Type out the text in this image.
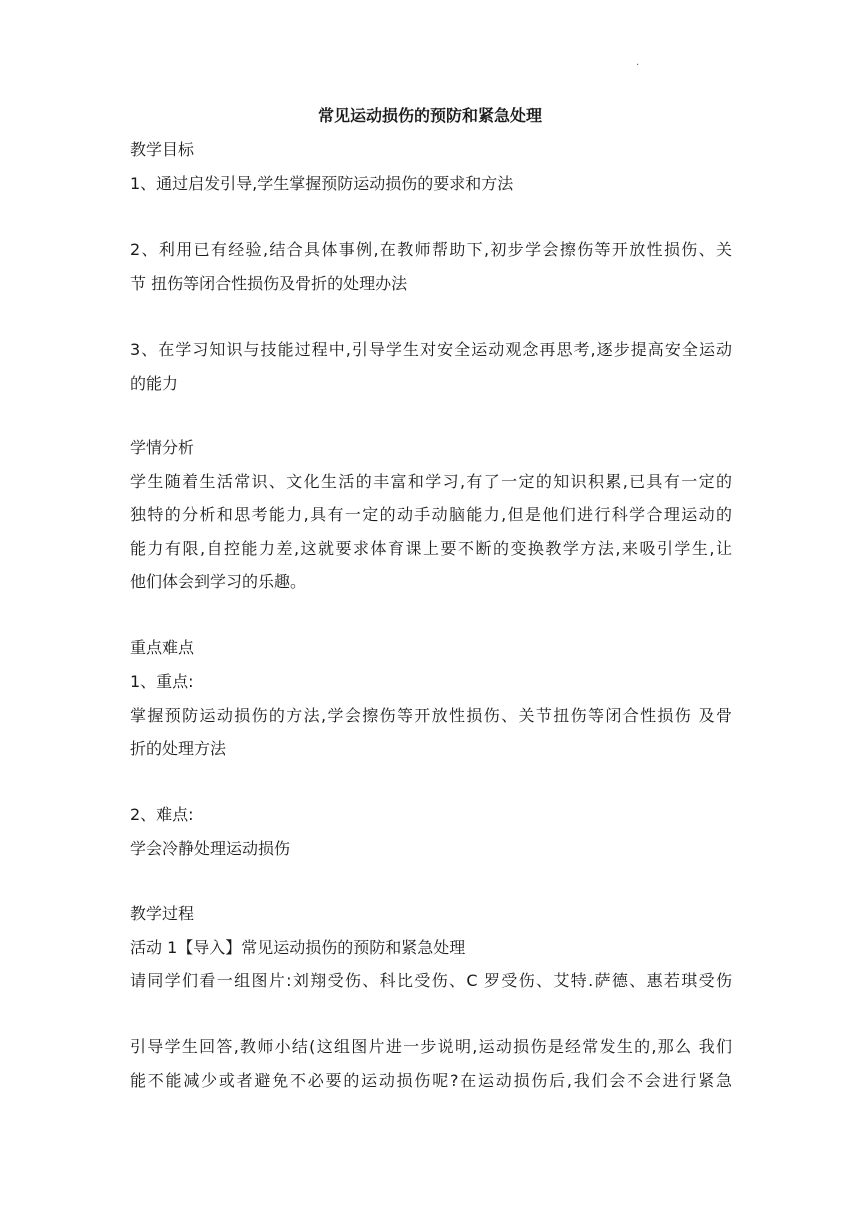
.
常见运动损伤的预防和紧急处理

教学目标

1、通过启发引导,学生掌握预防运动损伤的要求和方法

2、利用已有经验,结合具体事例,在教师帮助下,初步学会擦伤等开放性损伤、关

节 扭伤等闭合性损伤及骨折的处理办法

3、在学习知识与技能过程中,引导学生对安全运动观念再思考,逐步提高安全运动

的能力

学情分析

学生随着生活常识、文化生活的丰富和学习,有了一定的知识积累,已具有一定的

独特的分析和思考能力,具有一定的动手动脑能力,但是他们进行科学合理运动的

能力有限,自控能力差,这就要求体育课上要不断的变换教学方法,来吸引学生,让

他们体会到学习的乐趣。

重点难点

1、重点:

掌握预防运动损伤的方法,学会擦伤等开放性损伤、关节扭伤等闭合性损伤 及骨

折的处理方法

2、难点:

学会冷静处理运动损伤

教学过程

活动 1【导入】常见运动损伤的预防和紧急处理

请同学们看一组图片:刘翔受伤、科比受伤、C 罗受伤、艾特.萨德、惠若琪受伤

引导学生回答,教师小结(这组图片进一步说明,运动损伤是经常发生的,那么 我们

能不能减少或者避免不必要的运动损伤呢?在运动损伤后,我们会不会进行紧急
